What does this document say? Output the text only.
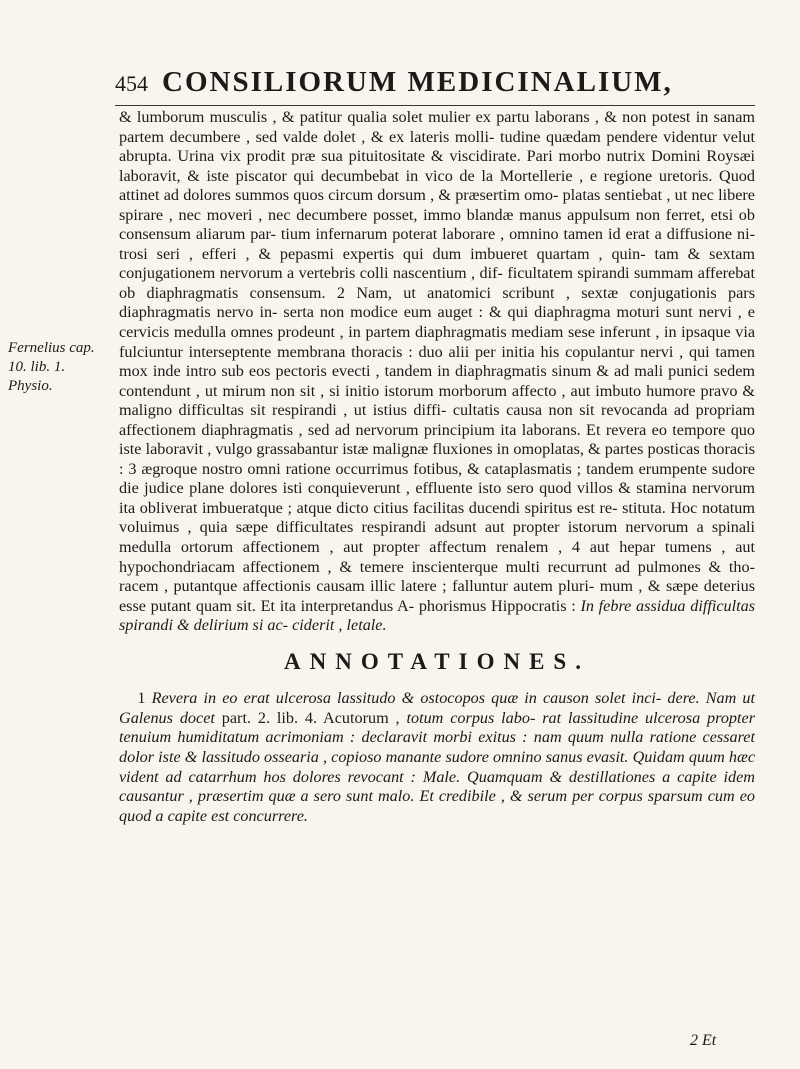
454 CONSILIORUM MEDICINALIUM,
Fernelius cap.
10. lib. 1.
Physio.

& lumborum musculis , & patitur qualia solet mulier ex partu laborans , & non potest in sanam partem decumbere , sed valde dolet , & ex lateris molli- tudine quædam pendere videntur velut abrupta. Urina vix prodit præ sua pituitositate & viscidirate. Pari morbo nutrix Domini Roysæi laboravit, & iste piscator qui decumbebat in vico de la Mortellerie , e regione uretoris. Quod attinet ad dolores summos quos circum dorsum , & præsertim omo- platas sentiebat , ut nec libere spirare , nec moveri , nec decumbere posset, immo blandæ manus appulsum non ferret, etsi ob consensum aliarum par- tium infernarum poterat laborare , omnino tamen id erat a diffusione ni- trosi seri , efferi , & pepasmi expertis qui dum imbueret quartam , quin- tam & sextam conjugationem nervorum a vertebris colli nascentium , dif- ficultatem spirandi summam afferebat ob diaphragmatis consensum. 2 Nam, ut anatomici scribunt , sextæ conjugationis pars diaphragmatis nervo in- serta non modice eum auget : & qui diaphragma moturi sunt nervi , e cervicis medulla omnes prodeunt , in partem diaphragmatis mediam sese inferunt , in ipsaque via fulciuntur interseptente membrana thoracis : duo alii per initia his copulantur nervi , qui tamen mox inde intro sub eos pectoris evecti , tandem in diaphragmatis sinum & ad mali punici sedem contendunt , ut mirum non sit , si initio istorum morborum affecto , aut imbuto humore pravo & maligno difficultas sit respirandi , ut istius diffi- cultatis causa non sit revocanda ad propriam affectionem diaphragmatis , sed ad nervorum principium ita laborans. Et revera eo tempore quo iste laboravit , vulgo grassabantur istæ malignæ fluxiones in omoplatas, & partes posticas thoracis : 3 ægroque nostro omni ratione occurrimus fotibus, & cataplasmatis ; tandem erumpente sudore die judice plane dolores isti conquieverunt , effluente isto sero quod villos & stamina nervorum ita obliverat imbueratque ; atque dicto citius facilitas ducendi spiritus est re- stituta. Hoc notatum voluimus , quia sæpe difficultates respirandi adsunt aut propter istorum nervorum a spinali medulla ortorum affectionem , aut propter affectum renalem , 4 aut hepar tumens , aut hypochondriacam affectionem , & temere inscienterque multi recurrunt ad pulmones & tho- racem , putantque affectionis causam illic latere ; falluntur autem pluri- mum , & sæpe deterius esse putant quam sit. Et ita interpretandus A- phorismus Hippocratis : In febre assidua difficultas spirandi & delirium si ac- ciderit , letale.

ANNOTATIONES.

1 Revera in eo erat ulcerosa lassitudo & ostocopos quæ in causon solet inci- dere. Nam ut Galenus docet part. 2. lib. 4. Acutorum , totum corpus labo- rat lassitudine ulcerosa propter tenuium humiditatum acrimoniam : declaravit morbi exitus : nam quum nulla ratione cessaret dolor iste & lassitudo ossearia , copioso manante sudore omnino sanus evasit. Quidam quum hæc vident ad catarrhum hos dolores revocant : Male. Quamquam & destillationes a capite idem causantur , præsertim quæ a sero sunt malo. Et credibile , & serum per corpus sparsum cum eo quod a capite est concurrere.

2 Et
